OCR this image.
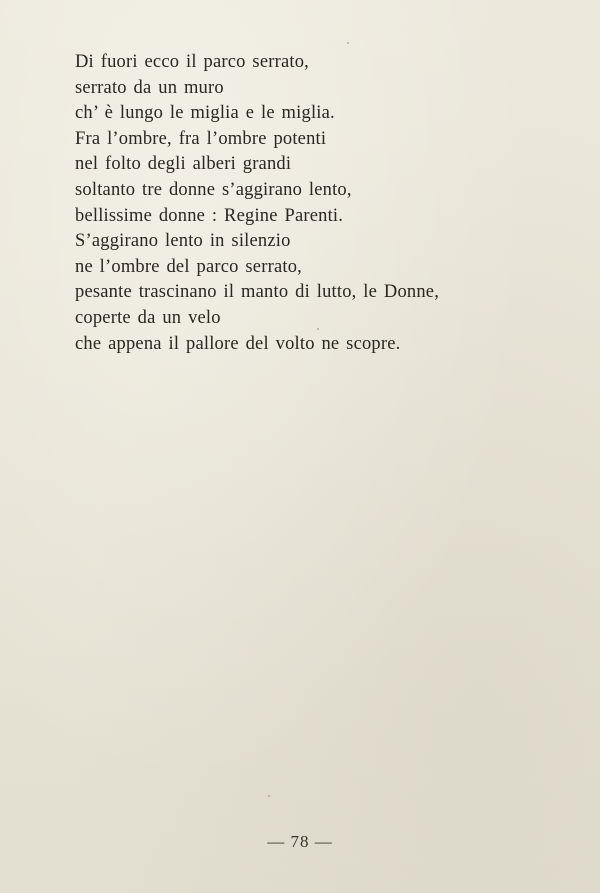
Di fuori ecco il parco serrato,
serrato da un muro
ch’ è lungo le miglia e le miglia.
Fra l’ombre, fra l’ombre potenti
nel folto degli alberi grandi
soltanto tre donne s’aggirano lento,
bellissime donne : Regine Parenti.
S’aggirano lento in silenzio
ne l’ombre del parco serrato,
pesante trascinano il manto di lutto, le Donne,
coperte da un velo
che appena il pallore del volto ne scopre.
— 78 —
